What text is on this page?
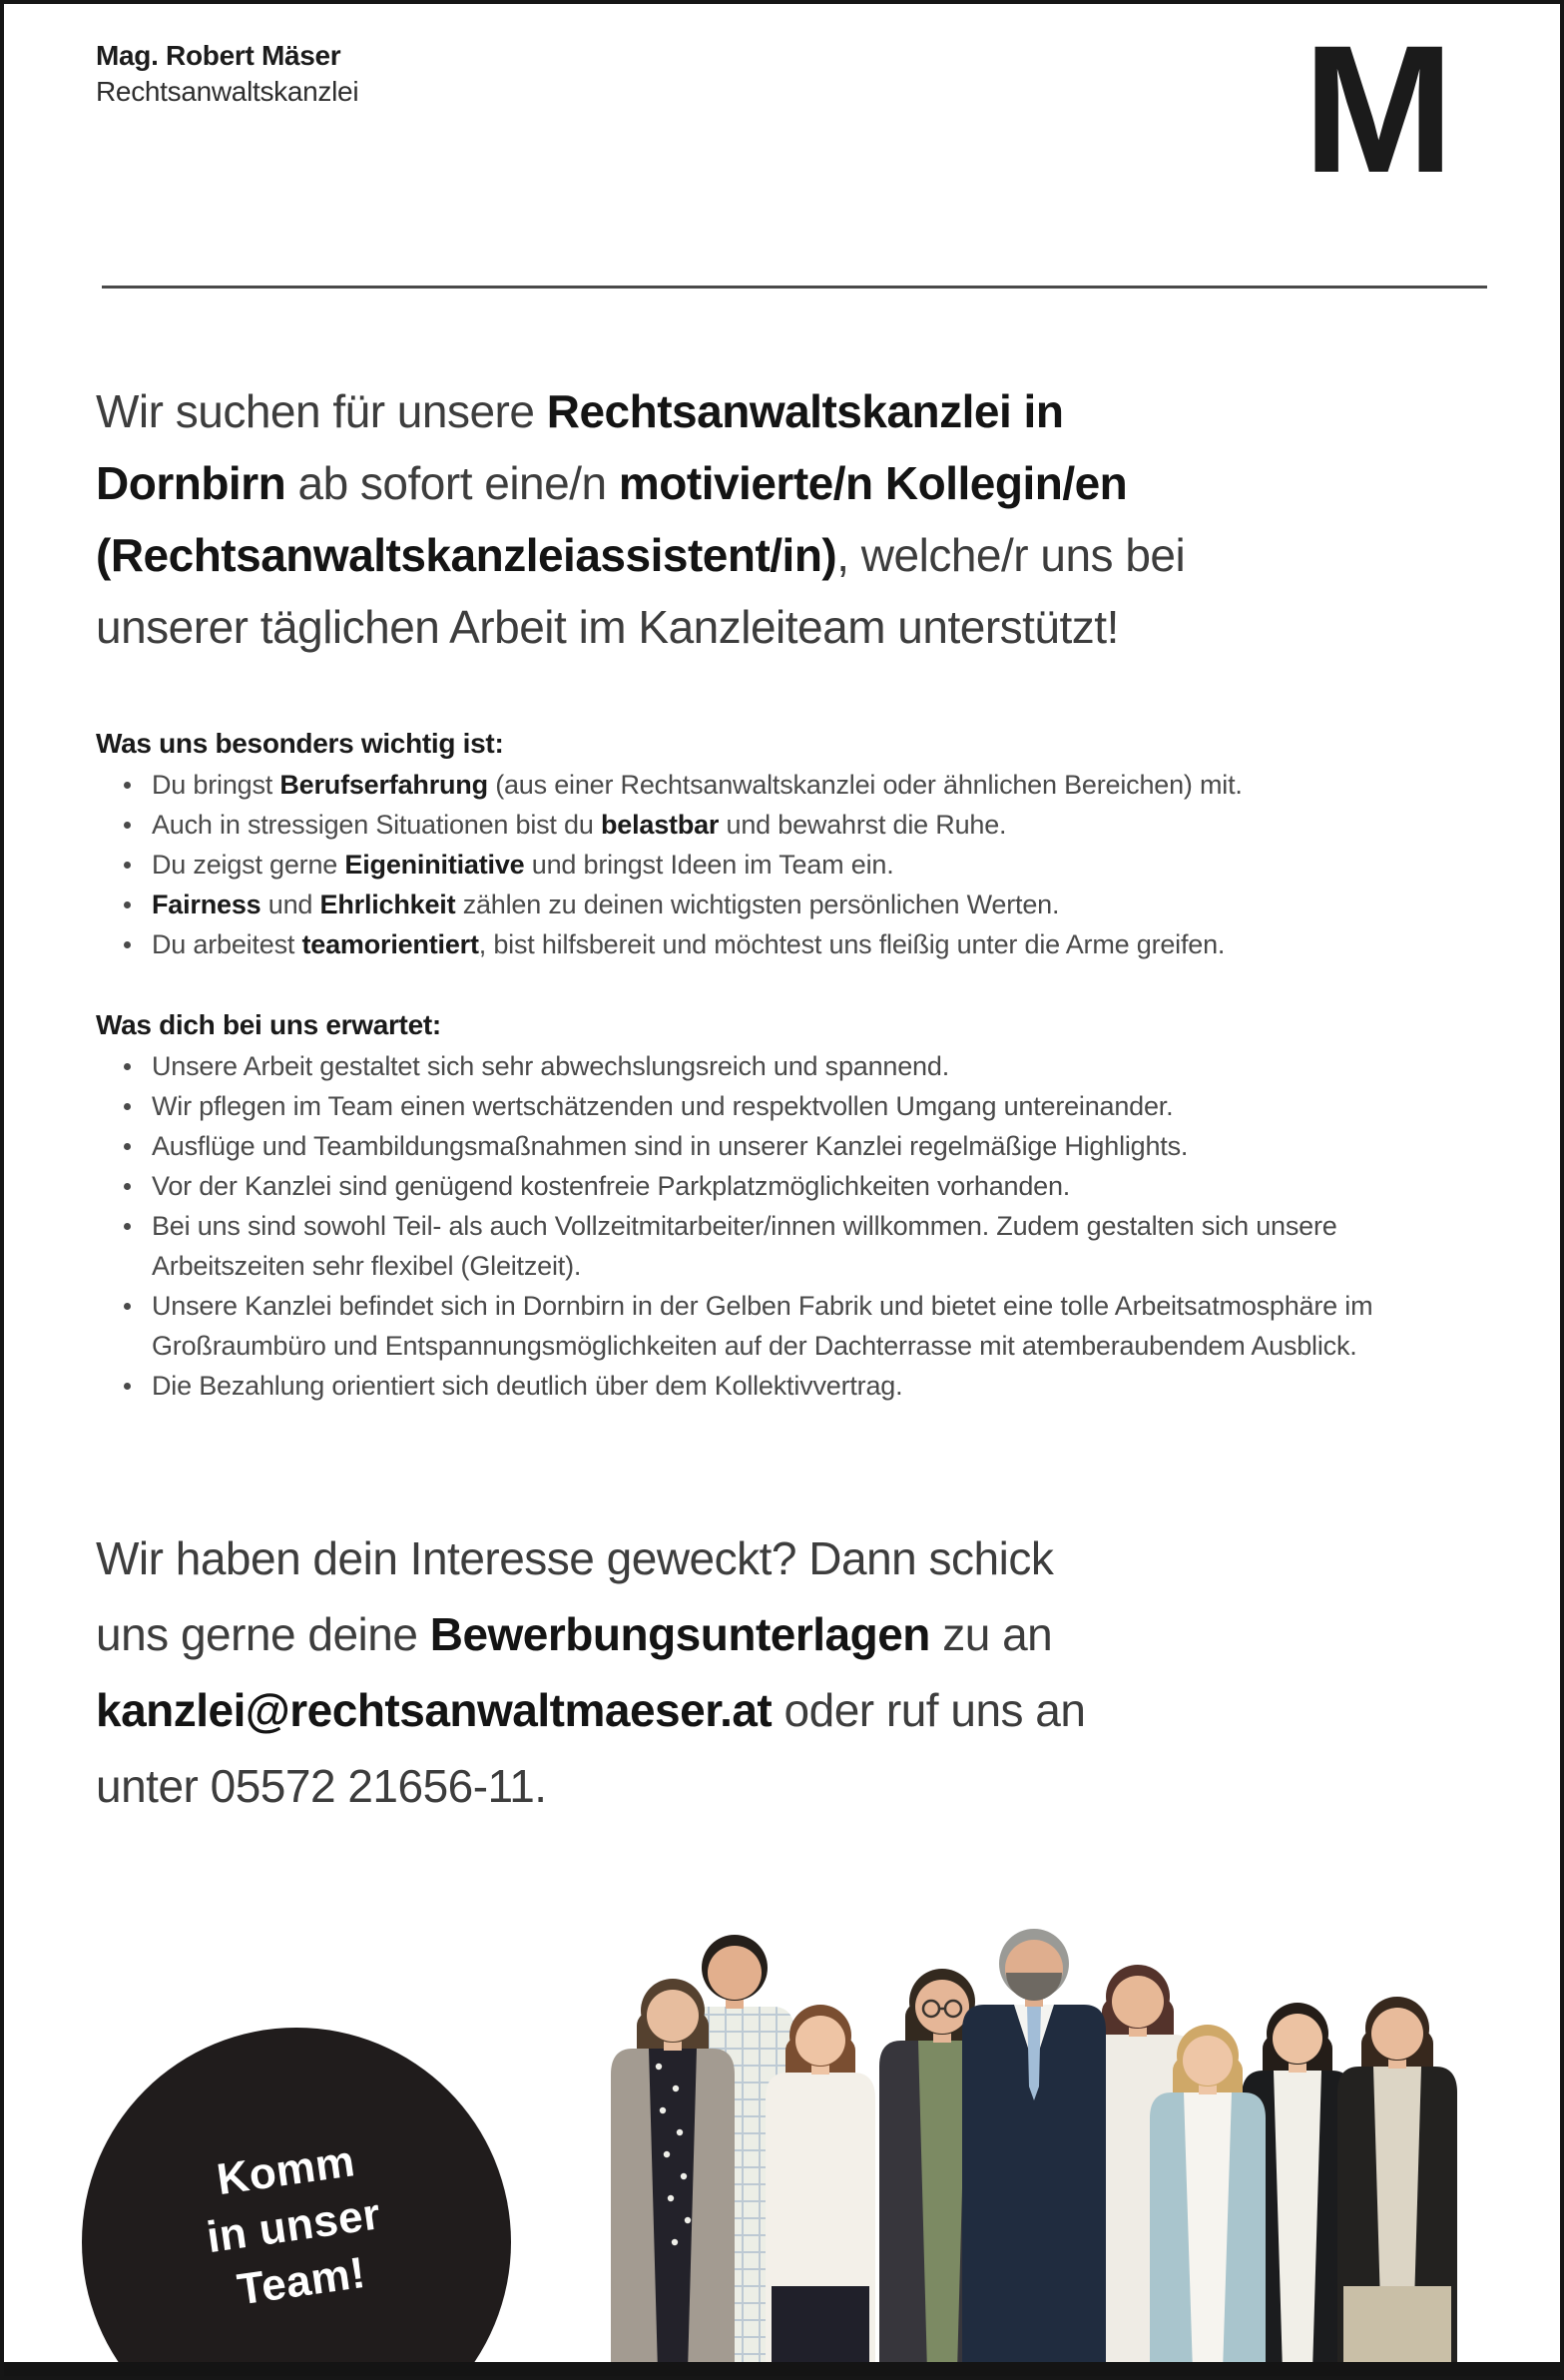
Mag. Robert Mäser
Rechtsanwaltskanzlei	M
Wir suchen für unsere Rechtsanwaltskanzlei in
Dornbirn ab sofort eine/n motivierte/n Kollegin/en
(Rechtsanwaltskanzleiassistent/in), welche/r uns bei
unserer täglichen Arbeit im Kanzleiteam unterstützt!
Was uns besonders wichtig ist:
Du bringst Berufserfahrung (aus einer Rechtsanwaltskanzlei oder ähnlichen Bereichen) mit.
Auch in stressigen Situationen bist du belastbar und bewahrst die Ruhe.
Du zeigst gerne Eigeninitiative und bringst Ideen im Team ein.
Fairness und Ehrlichkeit zählen zu deinen wichtigsten persönlichen Werten.
Du arbeitest teamorientiert, bist hilfsbereit und möchtest uns fleißig unter die Arme greifen.
Was dich bei uns erwartet:
Unsere Arbeit gestaltet sich sehr abwechslungsreich und spannend.
Wir pflegen im Team einen wertschätzenden und respektvollen Umgang untereinander.
Ausflüge und Teambildungsmaßnahmen sind in unserer Kanzlei regelmäßige Highlights.
Vor der Kanzlei sind genügend kostenfreie Parkplatzmöglichkeiten vorhanden.
Bei uns sind sowohl Teil- als auch Vollzeitmitarbeiter/innen willkommen. Zudem gestalten sich unsere Arbeitszeiten sehr flexibel (Gleitzeit).
Unsere Kanzlei befindet sich in Dornbirn in der Gelben Fabrik und bietet eine tolle Arbeitsatmosphäre im Großraumbüro und Entspannungsmöglichkeiten auf der Dachterrasse mit atemberaubendem Ausblick.
Die Bezahlung orientiert sich deutlich über dem Kollektivvertrag.
Wir haben dein Interesse geweckt? Dann schick
uns gerne deine Bewerbungsunterlagen zu an
kanzlei@rechtsanwaltmaeser.at oder ruf uns an
unter 05572 21656-11.
Komm
in unser
Team!
